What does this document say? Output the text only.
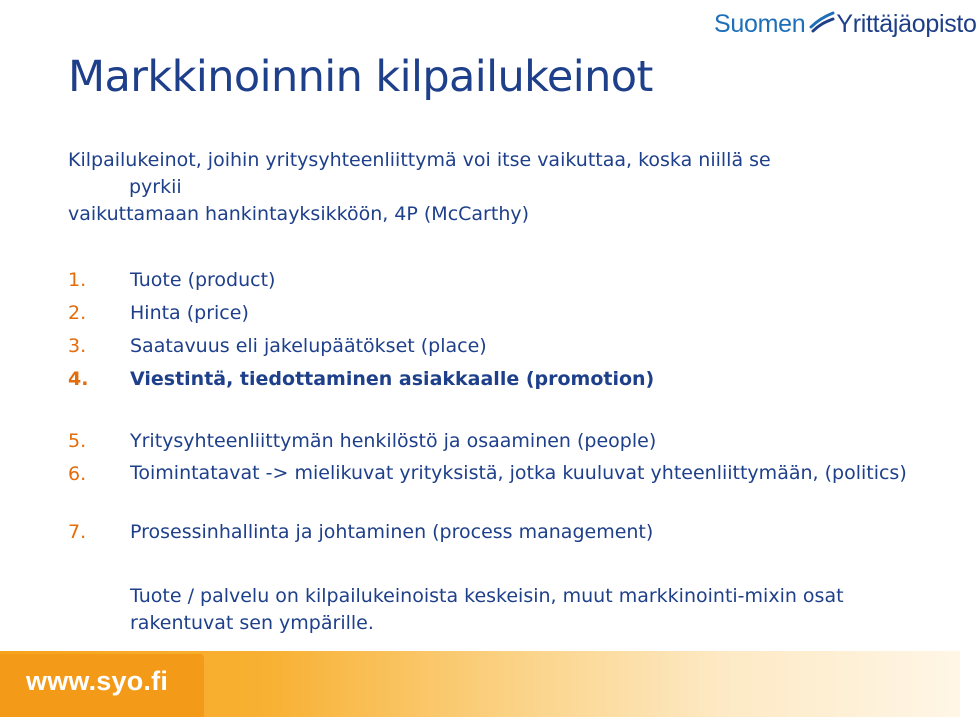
Suomen Yrittäjäopisto
Markkinoinnin kilpailukeinot
Kilpailukeinot, joihin yritysyhteenliittymä voi itse vaikuttaa, koska niillä se
pyrkii
vaikuttamaan hankintayksikköön, 4P (McCarthy)
1. Tuote (product)
2. Hinta (price)
3. Saatavuus eli jakelupäätökset (place)
4. Viestintä, tiedottaminen asiakkaalle (promotion)
5. Yritysyhteenliittymän henkilöstö ja osaaminen (people)
6. Toimintatavat -> mielikuvat yrityksistä, jotka kuuluvat yhteenliittymään, (politics)
7. Prosessinhallinta ja johtaminen (process management)
Tuote / palvelu on kilpailukeinoista keskeisin, muut markkinointi-mixin osat rakentuvat sen ympärille.
www.syo.fi
